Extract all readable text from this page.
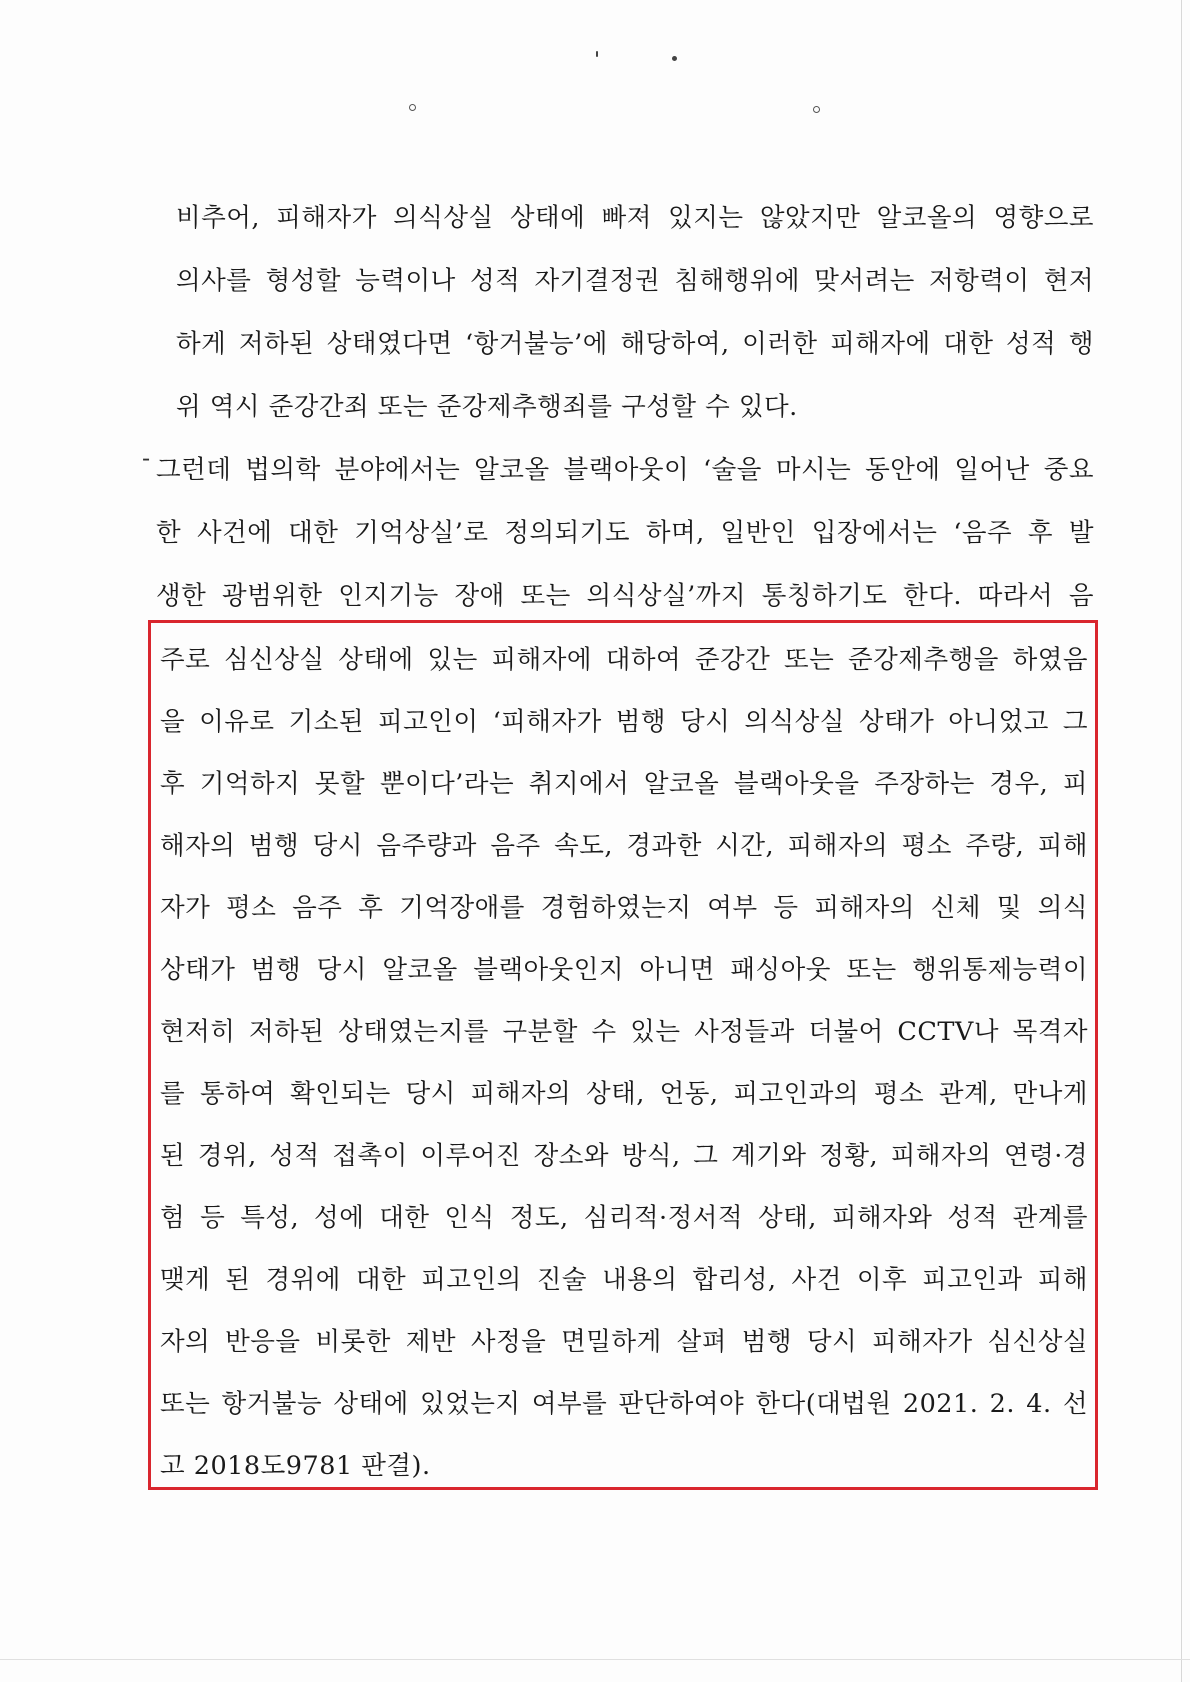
비추어, 피해자가 의식상실 상태에 빠져 있지는 않았지만 알코올의 영향으로
의사를 형성할 능력이나 성적 자기결정권 침해행위에 맞서려는 저항력이 현저
하게 저하된 상태였다면 ‘항거불능’에 해당하여, 이러한 피해자에 대한 성적 행
위 역시 준강간죄 또는 준강제추행죄를 구성할 수 있다.
- 그런데 법의학 분야에서는 알코올 블랙아웃이 ‘술을 마시는 동안에 일어난 중요
한 사건에 대한 기억상실’로 정의되기도 하며, 일반인 입장에서는 ‘음주 후 발
생한 광범위한 인지기능 장애 또는 의식상실’까지 통칭하기도 한다. 따라서 음
주로 심신상실 상태에 있는 피해자에 대하여 준강간 또는 준강제추행을 하였음
을 이유로 기소된 피고인이 ‘피해자가 범행 당시 의식상실 상태가 아니었고 그
후 기억하지 못할 뿐이다’라는 취지에서 알코올 블랙아웃을 주장하는 경우, 피
해자의 범행 당시 음주량과 음주 속도, 경과한 시간, 피해자의 평소 주량, 피해
자가 평소 음주 후 기억장애를 경험하였는지 여부 등 피해자의 신체 및 의식
상태가 범행 당시 알코올 블랙아웃인지 아니면 패싱아웃 또는 행위통제능력이
현저히 저하된 상태였는지를 구분할 수 있는 사정들과 더불어 CCTV나 목격자
를 통하여 확인되는 당시 피해자의 상태, 언동, 피고인과의 평소 관계, 만나게
된 경위, 성적 접촉이 이루어진 장소와 방식, 그 계기와 정황, 피해자의 연령·경
험 등 특성, 성에 대한 인식 정도, 심리적·정서적 상태, 피해자와 성적 관계를
맺게 된 경위에 대한 피고인의 진술 내용의 합리성, 사건 이후 피고인과 피해
자의 반응을 비롯한 제반 사정을 면밀하게 살펴 범행 당시 피해자가 심신상실
또는 항거불능 상태에 있었는지 여부를 판단하여야 한다(대법원 2021. 2. 4. 선
고 2018도9781 판결).
